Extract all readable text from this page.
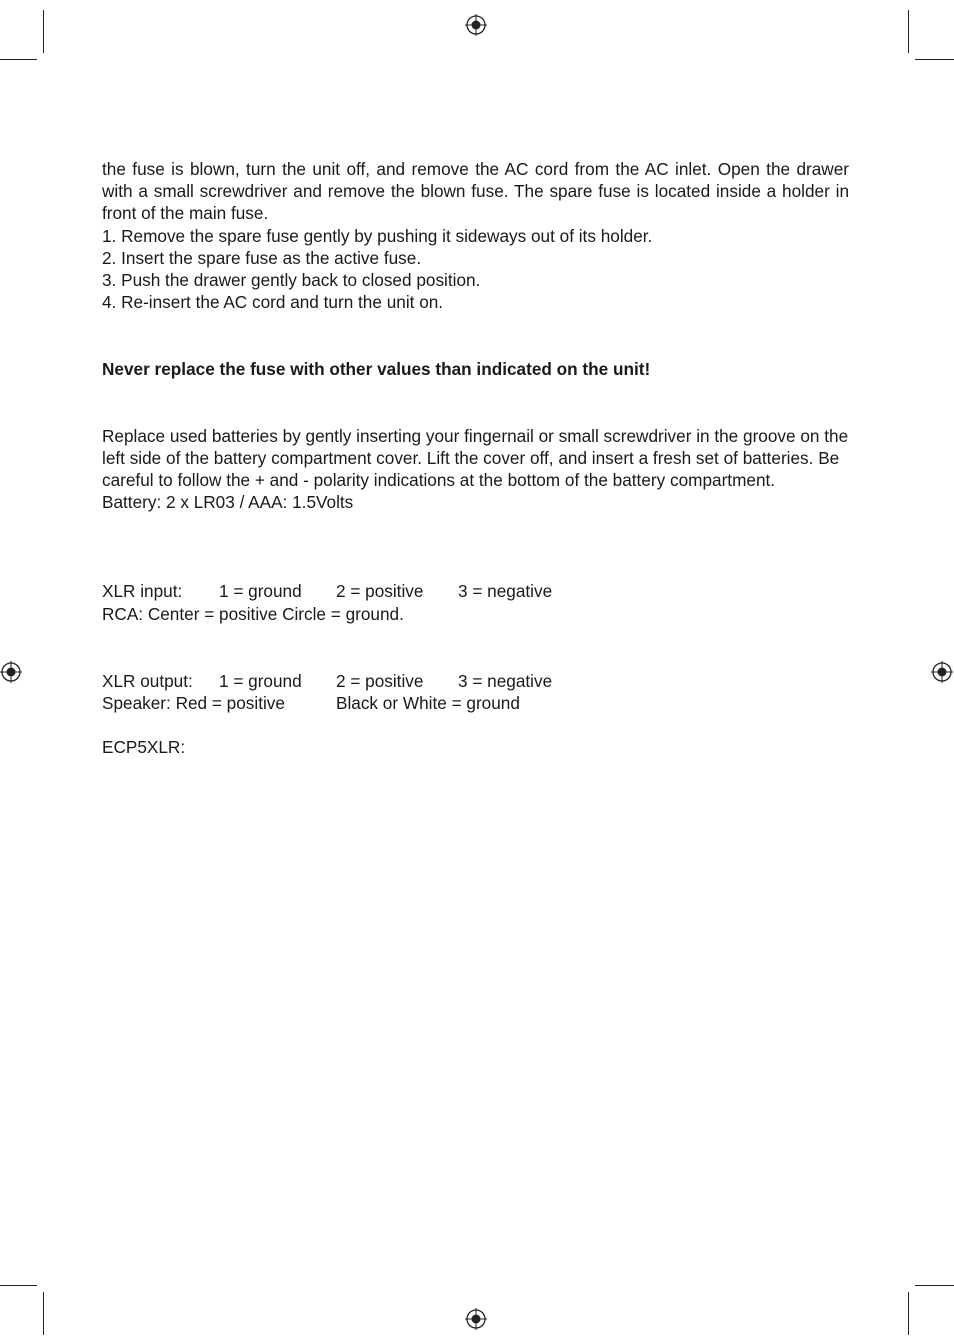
the fuse is blown, turn the unit off, and remove the AC cord from the AC inlet. Open the drawer with a small screwdriver and remove the blown fuse. The spare fuse is located inside a holder in front of the main fuse.

1. Remove the spare fuse gently by pushing it sideways out of its holder.

2. Insert the spare fuse as the active fuse.

3. Push the drawer gently back to closed position.

4. Re-insert the AC cord and turn the unit on.

Never replace the fuse with other values than indicated on the unit!

Replace used batteries by gently inserting your fingernail or small screwdriver in the groove on the left side of the battery compartment cover. Lift the cover off, and insert a fresh set of batteries. Be careful to follow the + and - polarity indications at the bottom of the battery compartment.

Battery: 2 x LR03 / AAA: 1.5Volts

XLR input:	1 = ground	2 = positive	3 = negative

RCA: Center = positive Circle = ground.

XLR output:	1 = ground	2 = positive	3 = negative
Speaker: Red = positive	Black or White = ground

ECP5XLR:
